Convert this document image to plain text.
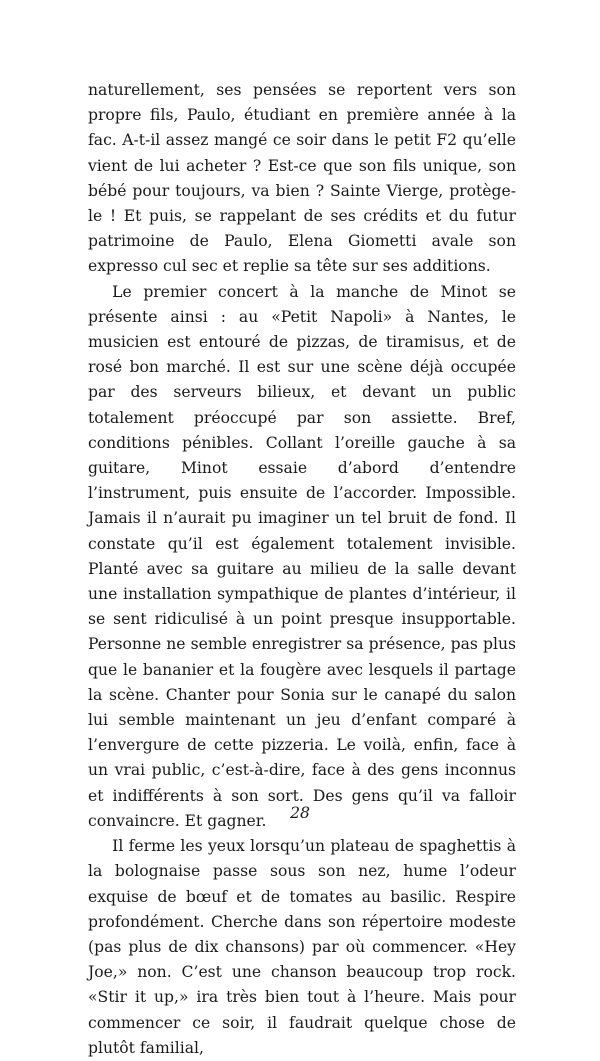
naturellement, ses pensées se reportent vers son propre fils, Paulo, étudiant en première année à la fac. A-t-il assez mangé ce soir dans le petit F2 qu’elle vient de lui acheter ? Est-ce que son fils unique, son bébé pour toujours, va bien ? Sainte Vierge, protège-le ! Et puis, se rappelant de ses crédits et du futur patrimoine de Paulo, Elena Giometti avale son expresso cul sec et replie sa tête sur ses additions.

Le premier concert à la manche de Minot se présente ainsi : au «Petit Napoli» à Nantes, le musicien est entouré de pizzas, de tiramisus, et de rosé bon marché. Il est sur une scène déjà occupée par des serveurs bilieux, et devant un public totalement préoccupé par son assiette. Bref, conditions pénibles. Collant l’oreille gauche à sa guitare, Minot essaie d’abord d’entendre l’instrument, puis ensuite de l’accorder. Impossible. Jamais il n’aurait pu imaginer un tel bruit de fond. Il constate qu’il est également totalement invisible. Planté avec sa guitare au milieu de la salle devant une installation sympathique de plantes d’intérieur, il se sent ridiculisé à un point presque insupportable. Personne ne semble enregistrer sa présence, pas plus que le bananier et la fougère avec lesquels il partage la scène. Chanter pour Sonia sur le canapé du salon lui semble maintenant un jeu d’enfant comparé à l’envergure de cette pizzeria. Le voilà, enfin, face à un vrai public, c’est-à-dire, face à des gens inconnus et indifférents à son sort. Des gens qu’il va falloir convaincre. Et gagner.

Il ferme les yeux lorsqu’un plateau de spaghettis à la bolognaise passe sous son nez, hume l’odeur exquise de bœuf et de tomates au basilic. Respire profondément. Cherche dans son répertoire modeste (pas plus de dix chansons) par où commencer. «Hey Joe,» non. C’est une chanson beaucoup trop rock. «Stir it up,» ira très bien tout à l’heure. Mais pour commencer ce soir, il faudrait quelque chose de plutôt familial,

28
